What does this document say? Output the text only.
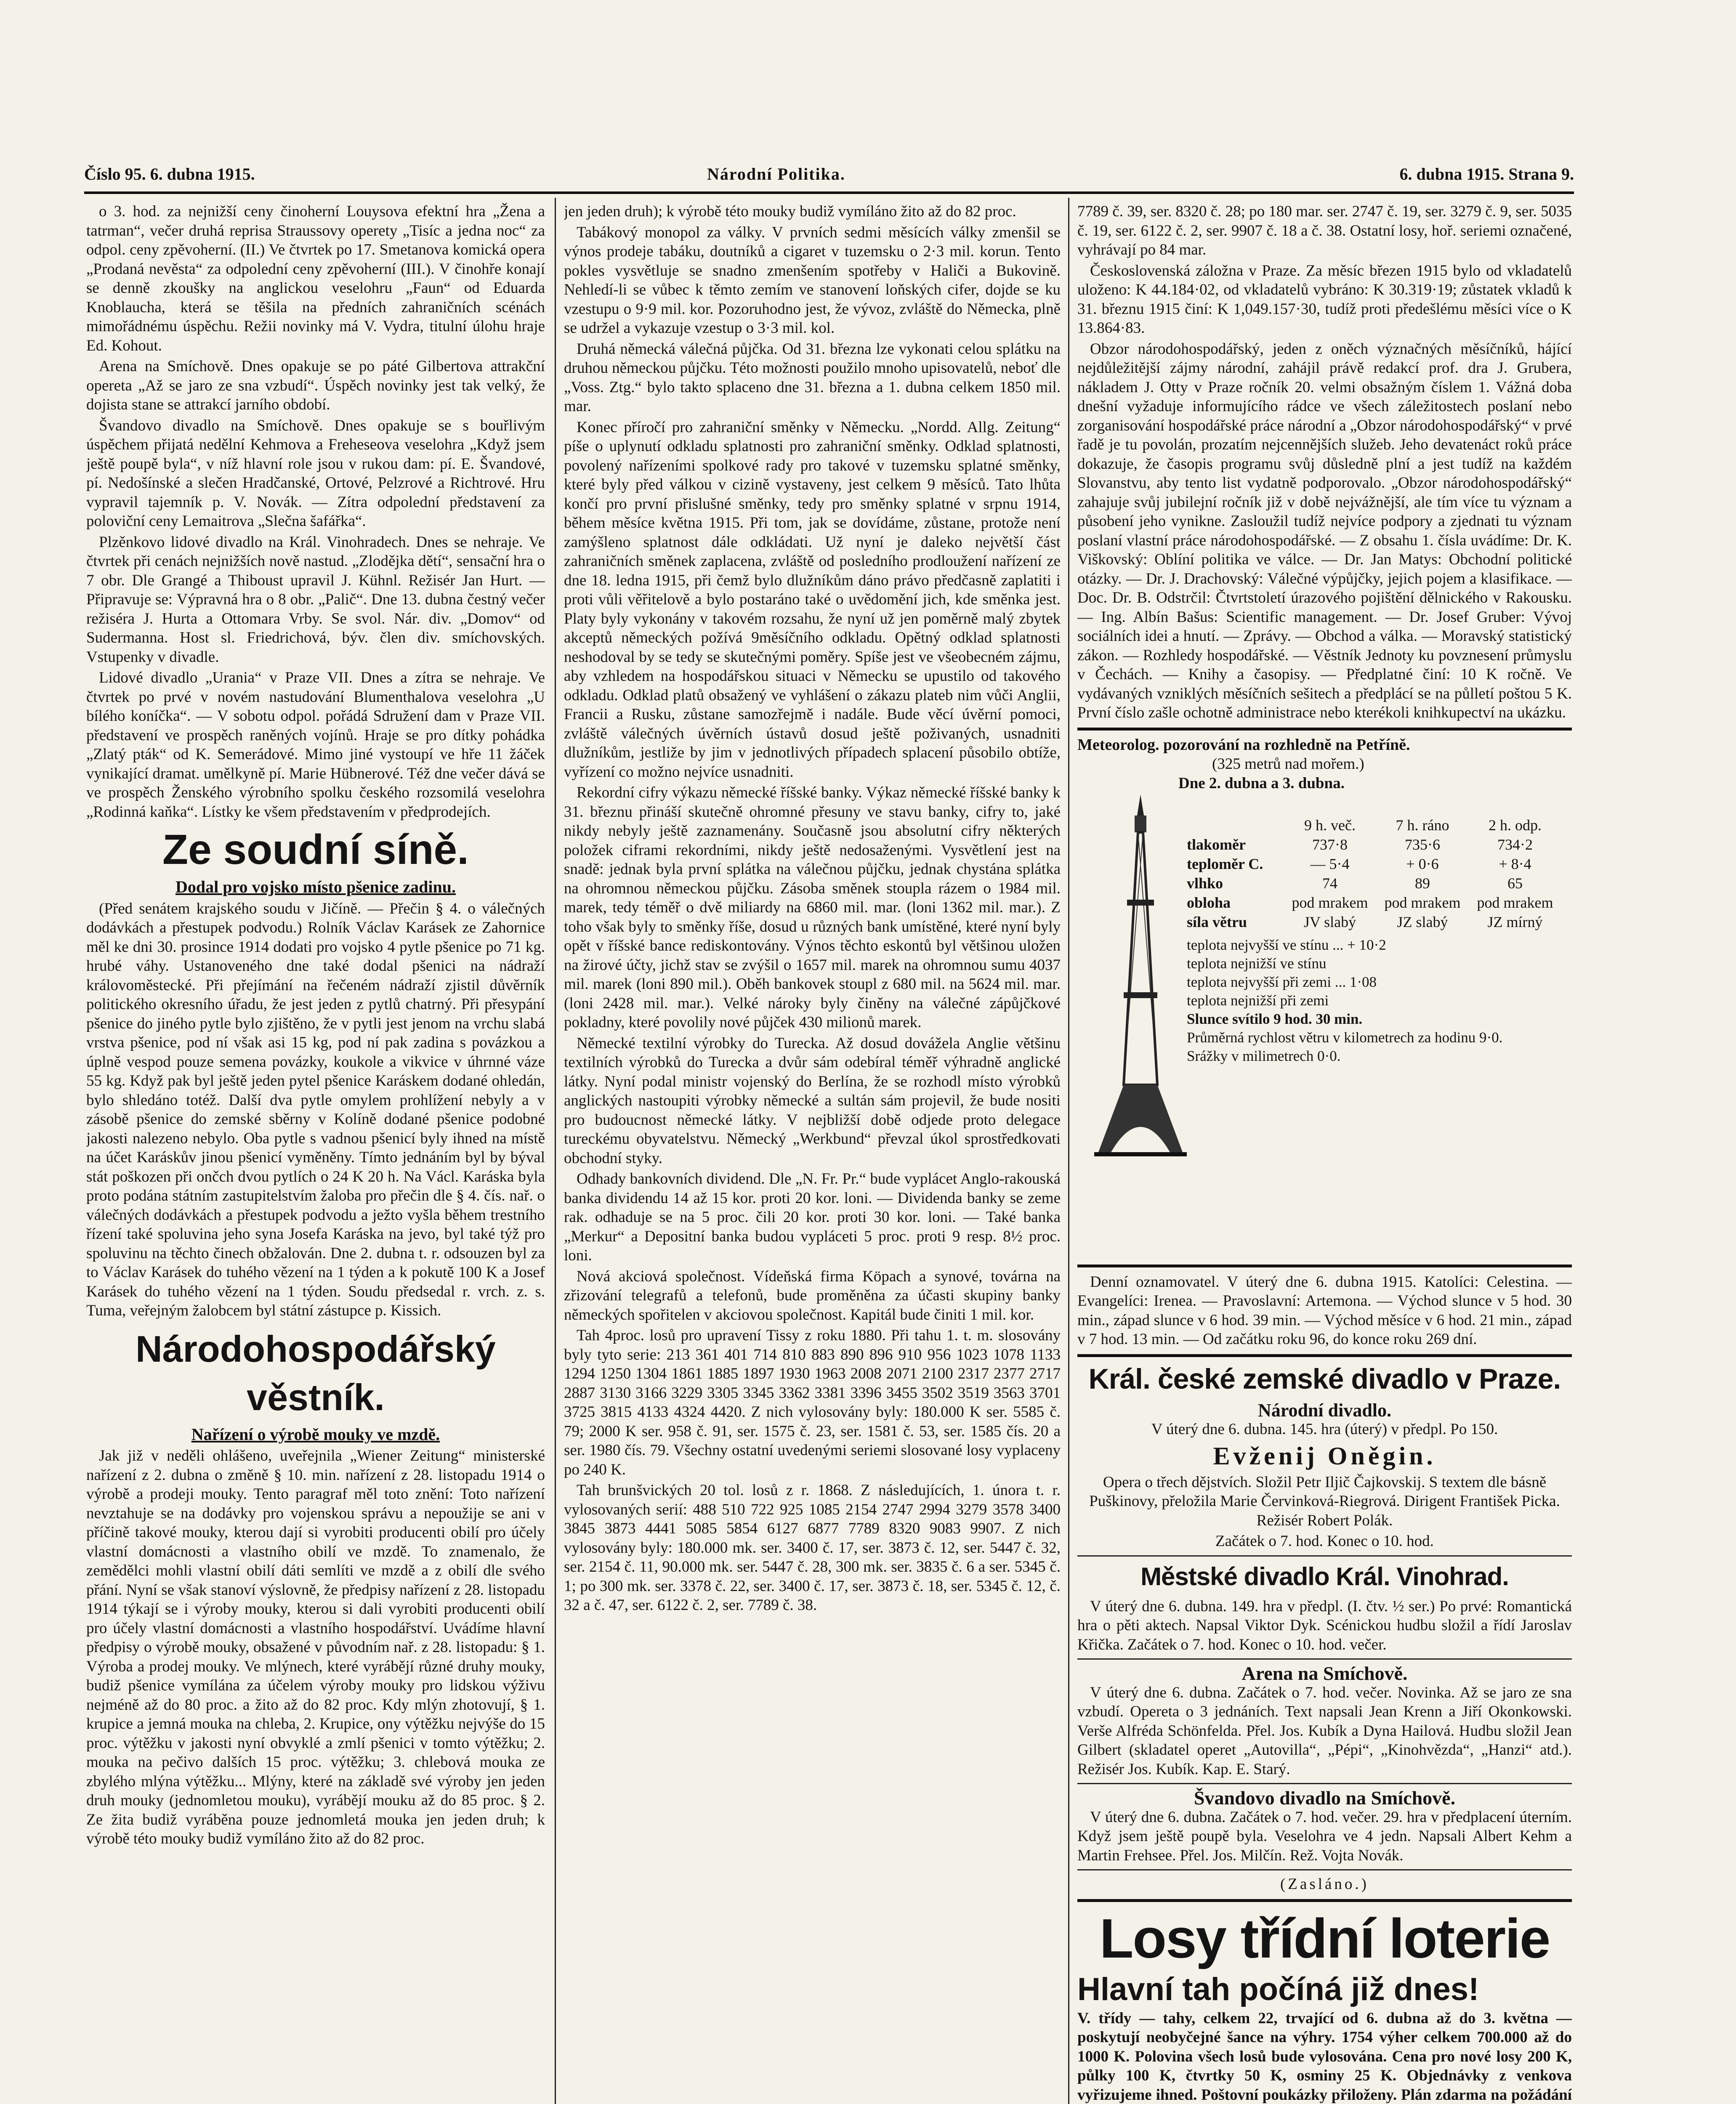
Číslo 95. 6. dubna 1915.	Národní Politika.	6. dubna 1915. Strana 9.

o 3. hod. za nejnižší ceny činoherní Louysova efektní hra „Žena a tatrman“, večer druhá reprisa Straussovy operety „Tisíc a jedna noc“ za odpol. ceny zpěvoherní. (II.) Ve čtvrtek po 17. Smetanova komická opera „Prodaná nevěsta“ za odpolední ceny zpěvoherní (III.). V činohře konají se denně zkoušky na anglickou veselohru „Faun“ od Eduarda Knoblaucha, která se těšila na předních zahraničních scénách mimořádnému úspěchu. Režii novinky má V. Vydra, titulní úlohu hraje Ed. Kohout.

Arena na Smíchově. Dnes opakuje se po páté Gilbertova attrakční opereta „Až se jaro ze sna vzbudí“. Úspěch novinky jest tak velký, že dojista stane se attrakcí jarního období.

Švandovo divadlo na Smíchově. Dnes opakuje se s bouřlivým úspěchem přijatá nedělní Kehmova a Freheseova veselohra „Když jsem ještě poupě byla“, v níž hlavní role jsou v rukou dam: pí. E. Švandové, pí. Nedošínské a slečen Hradčanské, Ortové, Pelzrové a Richtrové. Hru vypravil tajemník p. V. Novák. — Zítra odpolední představení za poloviční ceny Lemaitrova „Slečna šafářka“.

Plzěnkovo lidové divadlo na Král. Vinohradech. Dnes se nehraje. Ve čtvrtek při cenách nejnižších nově nastud. „Zlodějka dětí“, sensační hra o 7 obr. Dle Grangé a Thiboust upravil J. Kühnl. Režisér Jan Hurt. — Připravuje se: Výpravná hra o 8 obr. „Palič“. Dne 13. dubna čestný večer režiséra J. Hurta a Ottomara Vrby. Se svol. Nár. div. „Domov“ od Sudermanna. Host sl. Friedrichová, býv. člen div. smíchovských. Vstupenky v divadle.

Lidové divadlo „Urania“ v Praze VII. Dnes a zítra se nehraje. Ve čtvrtek po prvé v novém nastudování Blumenthalova veselohra „U bílého koníčka“. — V sobotu odpol. pořádá Sdružení dam v Praze VII. představení ve prospěch raněných vojínů. Hraje se pro dítky pohádka „Zlatý pták“ od K. Semerádové. Mimo jiné vystoupí ve hře 11 žáček vynikající dramat. umělkyně pí. Marie Hübnerové. Též dne večer dává se ve prospěch Ženského výrobního spolku českého rozsomilá veselohra „Rodinná kaňka“. Lístky ke všem představením v předprodejích.

Ze soudní síně.
Dodal pro vojsko místo pšenice zadinu.

(Před senátem krajského soudu v Jičíně. — Přečin § 4. o válečných dodávkách a přestupek podvodu.) Rolník Václav Karásek ze Zahornice měl ke dni 30. prosince 1914 dodati pro vojsko 4 pytle pšenice po 71 kg. hrubé váhy. Ustanoveného dne také dodal pšenici na nádraží královoměstecké. Při přejímání na řečeném nádraží zjistil důvěrník politického okresního úřadu, že jest jeden z pytlů chatrný. Při přesypání pšenice do jiného pytle bylo zjištěno, že v pytli jest jenom na vrchu slabá vrstva pšenice, pod ní však asi 15 kg, pod ní pak zadina s povázkou a úplně vespod pouze semena povázky, koukole a vikvice v úhrnné váze 55 kg. Když pak byl ještě jeden pytel pšenice Karáskem dodané ohledán, bylo shledáno totéž. Další dva pytle omylem prohlížení nebyly a v zásobě pšenice do zemské sběrny v Kolíně dodané pšenice podobné jakosti nalezeno nebylo. Oba pytle s vadnou pšenicí byly ihned na místě na účet Karáskův jinou pšenicí vyměněny. Tímto jednáním byl by býval stát poškozen při ončch dvou pytlích o 24 K 20 h. Na Václ. Karáska byla proto podána státním zastupitelstvím žaloba pro přečin dle § 4. čís. nař. o válečných dodávkách a přestupek podvodu a ježto vyšla během trestního řízení také spoluvina jeho syna Josefa Karáska na jevo, byl také týž pro spoluvinu na těchto činech obžalován. Dne 2. dubna t. r. odsouzen byl za to Václav Karásek do tuhého vězení na 1 týden a k pokutě 100 K a Josef Karásek do tuhého vězení na 1 týden. Soudu předsedal r. vrch. z. s. Tuma, veřejným žalobcem byl státní zástupce p. Kissich.

Národohospodářský věstník.
Nařízení o výrobě mouky ve mzdě.

Jak již v neděli ohlášeno, uveřejnila „Wiener Zeitung“ ministerské nařízení z 2. dubna o změně § 10. min. nařízení z 28. listopadu 1914 o výrobě a prodeji mouky. Tento paragraf měl toto znění: Toto nařízení nevztahuje se na dodávky pro vojenskou správu a nepoužije se ani v příčině takové mouky, kterou dají si vyrobiti producenti obilí pro účely vlastní domácnosti a vlastního obilí ve mzdě. To znamenalo, že zemědělci mohli vlastní obilí dáti semlíti ve mzdě a z obilí dle svého přání. Nyní se však stanoví výslovně, že předpisy nařízení z 28. listopadu 1914 týkají se i výroby mouky, kterou si dali vyrobiti producenti obilí pro účely vlastní domácnosti a vlastního hospodářství. Uvádíme hlavní předpisy o výrobě mouky, obsažené v původním nař. z 28. listopadu: § 1. Výroba a prodej mouky. Ve mlýnech, které vyrábějí různé druhy mouky, budiž pšenice vymílána za účelem výroby mouky pro lidskou výživu nejméně až do 80 proc. a žito až do 82 proc. Kdy mlýn zhotovují, § 1. krupice a jemná mouka na chleba, 2. Krupice, ony výtěžku nejvýše do 15 proc. výtěžku v jakosti nyní obvyklé a zmlí pšenici v tomto výtěžku; 2. mouka na pečivo dalších 15 proc. výtěžku; 3. chlebová mouka ze zbylého mlýna výtěžku... Mlýny, které na základě své výroby jen jeden druh mouky (jednomletou mouku), vyrábějí mouku až do 85 proc. § 2. Ze žita budiž vyráběna pouze jednomletá mouka jen jeden druh; k výrobě této mouky budiž vymíláno žito až do 82 proc.

jen jeden druh); k výrobě této mouky budiž vymíláno žito až do 82 proc.

Tabákový monopol za války. V prvních sedmi měsících války zmenšil se výnos prodeje tabáku, doutníků a cigaret v tuzemsku o 2·3 mil. korun. Tento pokles vysvětluje se snadno zmenšením spotřeby v Haliči a Bukovině. Nehledí-li se vůbec k těmto zemím ve stanovení loňských cifer, dojde se ku vzestupu o 9·9 mil. kor. Pozoruhodno jest, že vývoz, zvláště do Německa, plně se udržel a vykazuje vzestup o 3·3 mil. kol.

Druhá německá válečná půjčka. Od 31. března lze vykonati celou splátku na druhou německou půjčku. Této možnosti použilo mnoho upisovatelů, neboť dle „Voss. Ztg.“ bylo takto splaceno dne 31. března a 1. dubna celkem 1850 mil. mar.

Konec příročí pro zahraniční směnky v Německu. „Nordd. Allg. Zeitung“ píše o uplynutí odkladu splatnosti pro zahraniční směnky. Odklad splatnosti, povolený nařízeními spolkové rady pro takové v tuzemsku splatné směnky, které byly před válkou v cizině vystaveny, jest celkem 9 měsíců. Tato lhůta končí pro první přislušné směnky, tedy pro směnky splatné v srpnu 1914, během měsíce května 1915. Při tom, jak se dovídáme, zůstane, protože není zamýšleno splatnost dále odkládati. Už nyní je daleko největší část zahraničních směnek zaplacena, zvláště od posledního prodloužení nařízení ze dne 18. ledna 1915, při čemž bylo dlužníkům dáno právo předčasně zaplatiti i proti vůli věřitelově a bylo postaráno také o uvědomění jich, kde směnka jest. Platy byly vykonány v takovém rozsahu, že nyní už jen poměrně malý zbytek akceptů německých požívá 9měsíčního odkladu. Opětný odklad splatnosti neshodoval by se tedy se skutečnými poměry. Spíše jest ve všeobecném zájmu, aby vzhledem na hospodářskou situaci v Německu se upustilo od takového odkladu. Odklad platů obsažený ve vyhlášení o zákazu plateb nim vůči Anglii, Francii a Rusku, zůstane samozřejmě i nadále. Bude věcí úvěrní pomoci, zvláště válečných úvěrních ústavů dosud ještě poživaných, usnadniti dlužníkům, jestliže by jim v jednotlivých případech splacení působilo obtíže, vyřízení co možno nejvíce usnadniti.

Rekordní cifry výkazu německé říšské banky. Výkaz německé říšské banky k 31. březnu přináší skutečně ohromné přesuny ve stavu banky, cifry to, jaké nikdy nebyly ještě zaznamenány. Současně jsou absolutní cifry některých položek ciframi rekordními, nikdy ještě nedosaženými. Vysvětlení jest na snadě: jednak byla první splátka na válečnou půjčku, jednak chystána splátka na ohromnou německou půjčku. Zásoba směnek stoupla rázem o 1984 mil. marek, tedy téměř o dvě miliardy na 6860 mil. mar. (loni 1362 mil. mar.). Z toho však byly to směnky říše, dosud u různých bank umístěné, které nyní byly opět v říšské bance rediskontovány. Výnos těchto eskontů byl většinou uložen na žirové účty, jichž stav se zvýšil o 1657 mil. marek na ohromnou sumu 4037 mil. marek (loni 890 mil.). Oběh bankovek stoupl z 680 mil. na 5624 mil. mar. (loni 2428 mil. mar.). Velké nároky byly činěny na válečné zápůjčkové pokladny, které povolily nové půjček 430 milionů marek.

Německé textilní výrobky do Turecka. Až dosud dovážela Anglie většinu textilních výrobků do Turecka a dvůr sám odebíral téměř výhradně anglické látky. Nyní podal ministr vojenský do Berlína, že se rozhodl místo výrobků anglických nastoupiti výrobky německé a sultán sám projevil, že bude nositi pro budoucnost německé látky. V nejbližší době odjede proto delegace tureckému obyvatelstvu. Německý „Werkbund“ převzal úkol sprostředkovati obchodní styky.

Odhady bankovních dividend. Dle „N. Fr. Pr.“ bude vyplácet Anglo-rakouská banka dividendu 14 až 15 kor. proti 20 kor. loni. — Dividenda banky se zeme rak. odhaduje se na 5 proc. čili 20 kor. proti 30 kor. loni. — Také banka „Merkur“ a Depositní banka budou vypláceti 5 proc. proti 9 resp. 8½ proc. loni.

Nová akciová společnost. Vídeňská firma Köpach a synové, továrna na zřizování telegrafů a telefonů, bude proměněna za účasti skupiny banky německých spořitelen v akciovou společnost. Kapitál bude činiti 1 mil. kor.

Tah 4proc. losů pro upravení Tissy z roku 1880. Při tahu 1. t. m. slosovány byly tyto serie: 213 361 401 714 810 883 890 896 910 956 1023 1078 1133 1294 1250 1304 1861 1885 1897 1930 1963 2008 2071 2100 2317 2377 2717 2887 3130 3166 3229 3305 3345 3362 3381 3396 3455 3502 3519 3563 3701 3725 3815 4133 4324 4420. Z nich vylosovány byly: 180.000 K ser. 5585 č. 79; 2000 K ser. 958 č. 91, ser. 1575 č. 23, ser. 1581 č. 53, ser. 1585 čís. 20 a ser. 1980 čís. 79. Všechny ostatní uvedenými seriemi slosované losy vyplaceny po 240 K.

Tah brunšvických 20 tol. losů z r. 1868. Z následujících, 1. února t. r. vylosovaných serií: 488 510 722 925 1085 2154 2747 2994 3279 3578 3400 3845 3873 4441 5085 5854 6127 6877 7789 8320 9083 9907. Z nich vylosovány byly: 180.000 mk. ser. 3400 č. 17, ser. 3873 č. 12, ser. 5447 č. 32, ser. 2154 č. 11, 90.000 mk. ser. 5447 č. 28, 300 mk. ser. 3835 č. 6 a ser. 5345 č. 1; po 300 mk. ser. 3378 č. 22, ser. 3400 č. 17, ser. 3873 č. 18, ser. 5345 č. 12, č. 32 a č. 47, ser. 6122 č. 2, ser. 7789 č. 38.

7789 č. 39, ser. 8320 č. 28; po 180 mar. ser. 2747 č. 19, ser. 3279 č. 9, ser. 5035 č. 19, ser. 6122 č. 2, ser. 9907 č. 18 a č. 38. Ostatní losy, hoř. seriemi označené, vyhrávají po 84 mar.

Československá záložna v Praze. Za měsíc březen 1915 bylo od vkladatelů uloženo: K 44.184·02, od vkladatelů vybráno: K 30.319·19; zůstatek vkladů k 31. březnu 1915 činí: K 1,049.157·30, tudíž proti předešlému měsíci více o K 13.864·83.

Obzor národohospodářský, jeden z oněch význačných měsíčníků, hájící nejdůležitější zájmy národní, zahájil právě redakcí prof. dra J. Grubera, nákladem J. Otty v Praze ročník 20. velmi obsažným číslem 1. Vážná doba dnešní vyžaduje informujícího rádce ve všech záležitostech poslaní nebo zorganisování hospodářské práce národní a „Obzor národohospodářský“ v prvé řadě je tu povolán, prozatím nejcennějších služeb. Jeho devatenáct roků práce dokazuje, že časopis programu svůj důsledně plní a jest tudíž na každém Slovanstvu, aby tento list vydatně podporovalo. „Obzor národohospodářský“ zahajuje svůj jubilejní ročník již v době nejvážnější, ale tím více tu význam a působení jeho vynikne. Zasloužil tudíž nejvíce podpory a zjednati tu význam poslaní vlastní práce národohospodářské. — Z obsahu 1. čísla uvádíme: Dr. K. Viškovský: Oblíní politika ve válce. — Dr. Jan Matys: Obchodní politické otázky. — Dr. J. Drachovský: Válečné výpůjčky, jejich pojem a klasifikace. — Doc. Dr. B. Odstrčil: Čtvrtstoletí úrazového pojištění dělnického v Rakousku. — Ing. Albín Bašus: Scientific management. — Dr. Josef Gruber: Vývoj sociálních idei a hnutí. — Zprávy. — Obchod a válka. — Moravský statistický zákon. — Rozhledy hospodářské. — Věstník Jednoty ku povznesení průmyslu v Čechách. — Knihy a časopisy. — Předplatné činí: 10 K ročně. Ve vydávaných vzniklých měsíčních sešitech a předplácí se na půlletí poštou 5 K. První číslo zašle ochotně administrace nebo kterékoli knihkupectví na ukázku.

Meteorolog. pozorování na rozhledně na Petříně.
(325 metrů nad mořem.)
Dne 2. dubna a 3. dubna.
9 h. več.	7 h. ráno	2 h. odp.
tlakoměr	737·8	735·6	734·2
teploměr C.	— 5·4	+ 0·6	+ 8·4
vlhko	74	89	65
obloha	pod mrakem	pod mrakem	pod mrakem
síla větru	JV slabý	JZ slabý	JZ mírný
teplota nejvyšší ve stínu ... + 10·2
teplota nejnižší ve stínu
teplota nejvyšší při zemi ... 1·08
teplota nejnižší při zemi
Slunce svítilo 9 hod. 30 min.
Průměrná rychlost větru v kilometrech za hodinu 9·0.
Srážky v milimetrech 0·0.

Denní oznamovatel. V úterý dne 6. dubna 1915. Katolíci: Celestina. — Evangelíci: Irenea. — Pravoslavní: Artemona. — Východ slunce v 5 hod. 30 min., západ slunce v 6 hod. 39 min. — Východ měsíce v 6 hod. 21 min., západ v 7 hod. 13 min. — Od začátku roku 96, do konce roku 269 dní.

Král. české zemské divadlo v Praze.
Národní divadlo.
V úterý dne 6. dubna. 145. hra (úterý) v předpl. Po 150.
Evženij Oněgin.

Opera o třech dějstvích. Složil Petr Iljič Čajkovskij. S textem dle básně Puškinovy, přeložila Marie Červinková-Riegrová. Dirigent František Picka. Režisér Robert Polák.

Začátek o 7. hod. Konec o 10. hod.
Městské divadlo Král. Vinohrad.

V úterý dne 6. dubna. 149. hra v předpl. (I. čtv. ½ ser.) Po prvé: Romantická hra o pěti aktech. Napsal Viktor Dyk. Scénickou hudbu složil a řídí Jaroslav Křička. Začátek o 7. hod. Konec o 10. hod. večer.

Arena na Smíchově.

V úterý dne 6. dubna. Začátek o 7. hod. večer. Novinka. Až se jaro ze sna vzbudí. Opereta o 3 jednáních. Text napsali Jean Krenn a Jiří Okonkowski. Verše Alfréda Schönfelda. Přel. Jos. Kubík a Dyna Hailová. Hudbu složil Jean Gilbert (skladatel operet „Autovilla“, „Pépi“, „Kinohvězda“, „Hanzi“ atd.). Režisér Jos. Kubík. Kap. E. Starý.

Švandovo divadlo na Smíchově.

V úterý dne 6. dubna. Začátek o 7. hod. večer. 29. hra v předplacení úterním. Když jsem ještě poupě byla. Veselohra ve 4 jedn. Napsali Albert Kehm a Martin Frehsee. Přel. Jos. Milčín. Rež. Vojta Novák.

(Zasláno.)
Losy třídní loterie
Hlavní tah počíná již dnes!

V. třídy — tahy, celkem 22, trvající od 6. dubna až do 3. května — poskytují neobyčejné šance na výhry. 1754 výher celkem 700.000 až do 1000 K. Polovina všech losů bude vylosována. Cena pro nové losy 200 K, půlky 100 K, čtvrtky 50 K, osminy 25 K. Objednávky z venkova vyřizujeme ihned. Poštovní poukázky přiloženy. Plán zdarma na požádání
